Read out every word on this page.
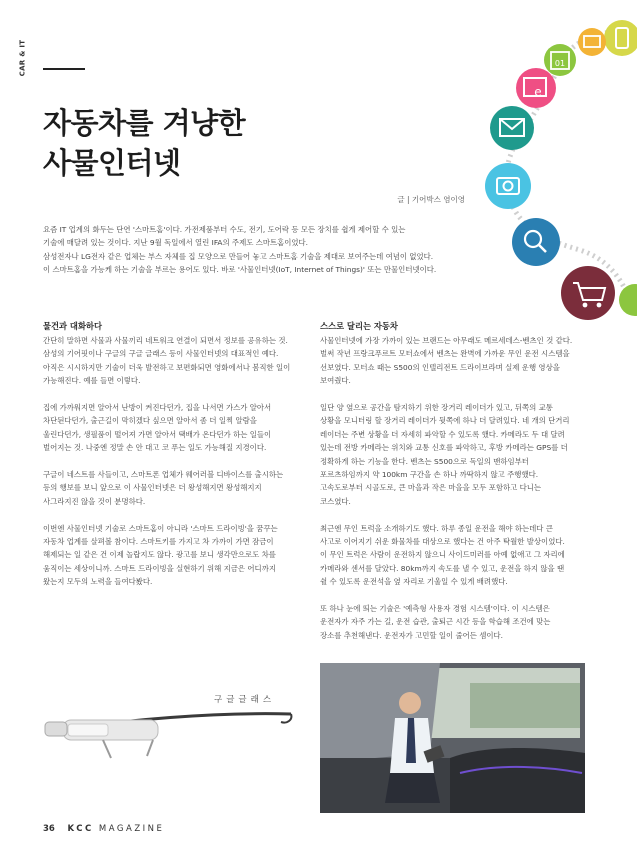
CAR & IT	01
e
자동차를 겨냥한
사물인터넷
글 | 기어박스 염이영

요즘 IT 업계의 화두는 단연 '스마트홈'이다. 가전제품부터 수도, 전기, 도어락 등 모든 장치를 쉽게 제어할 수 있는

기술에 매달려 있는 것이다. 지난 9월 독일에서 열린 IFA의 주제도 스마트홈이었다.

삼성전자나 LG전자 같은 업체는 부스 자체를 집 모양으로 만들어 놓고 스마트홈 기술을 제대로 보여주는데 여념이 없었다.

이 스마트홈을 가능케 하는 기술을 부르는 용어도 있다. 바로 '사물인터넷(IoT, Internet of Things)' 또는 만물인터넷이다.

물건과 대화하다

간단히 말하면 사물과 사물끼리 네트워크 연결이 되면서 정보를 공유하는 것. 삼성의 기어핏이나 구글의 구글 글래스 등이 사물인터넷의 대표적인 예다. 아직은 시시하지만 기술이 더욱 발전하고 보편화되면 영화에서나 봄직한 일이 가능해진다. 예를 들면 이렇다.

집에 가까워지면 알아서 난방이 켜진다던가, 집을 나서면 가스가 알아서 차단된다던가, 출근길이 막히겠다 싶으면 알아서 좀 더 일찍 알람을 울린다던가, 생필품이 떨어져 가면 알아서 택배가 온다던가 하는 일들이 벌어지는 것. 나중엔 정말 손 안 대고 코 푸는 일도 가능해질 지경이다.

구글이 네스트를 사들이고, 스마트폰 업체가 웨어러블 디바이스를 출시하는 등의 행보를 보니 앞으로 이 사물인터넷은 더 왕성해지면 왕성해지지 사그라지진 않을 것이 분명하다.

이번엔 사물인터넷 기술로 스마트홈이 아니라 '스마트 드라이빙'을 꿈꾸는 자동차 업계를 살펴볼 참이다. 스마트키를 가지고 차 가까이 가면 잠금이 해제되는 일 같은 건 이제 놀랍지도 않다. 광고를 보니 생각만으로도 차를 움직이는 세상이니까. 스마트 드라이빙을 실현하기 위해 지금은 어디까지 왔는지 모두의 노력을 들여다봤다.

스스로 달리는 자동차

사물인터넷에 가장 가까이 있는 브랜드는 아무래도 메르세데스-벤츠인 것 같다. 벌써 작년 프랑크푸르트 모터쇼에서 벤츠는 완벽에 가까운 무인 운전 시스템을 선보였다. 모터쇼 때는 S500의 인텔리전트 드라이브라며 실제 운행 영상을 보여줬다.

일단 양 옆으로 공간을 탐지하기 위한 장거리 레이더가 있고, 뒤쪽의 교통 상황을 모니터링 할 장거리 레이더가 뒷쪽에 하나 더 달려있다. 네 개의 단거리 레이더는 주변 상황을 더 자세히 파악할 수 있도록 했다. 카메라도 두 대 달려 있는데 전방 카메라는 위치와 교통 신호를 파악하고, 후방 카메라는 GPS를 더 정확하게 하는 기능을 한다. 벤츠는 S500으로 독일의 맨하임부터 포르츠하임까지 약 100km 구간을 손 하나 까딱하지 않고 주행했다. 고속도로부터 시골도로, 큰 마을과 작은 마을을 모두 포함하고 다니는 코스였다.

최근엔 무인 트럭을 소개하기도 했다. 하루 종일 운전을 해야 하는데다 큰 사고로 이어지기 쉬운 화물차를 대상으로 했다는 건 아주 탁월한 발상이었다. 이 무인 트럭은 사람이 운전하지 않으니 사이드미러를 아예 없애고 그 자리에 카메라와 센서를 달았다. 80km까지 속도를 낼 수 있고, 운전을 하지 않을 땐 쉴 수 있도록 운전석을 옆 자리로 기울일 수 있게 배려했다.

또 하나 눈에 띄는 기술은 '예측형 사용자 경험 시스템'이다. 이 시스템은 운전자가 자주 가는 길, 운전 습관, 출퇴근 시간 등을 학습해 조건에 맞는 장소를 추천해낸다. 운전자가 고민할 일이 줄어든 셈이다.

구글글래스
36 KCC MAGAZINE
